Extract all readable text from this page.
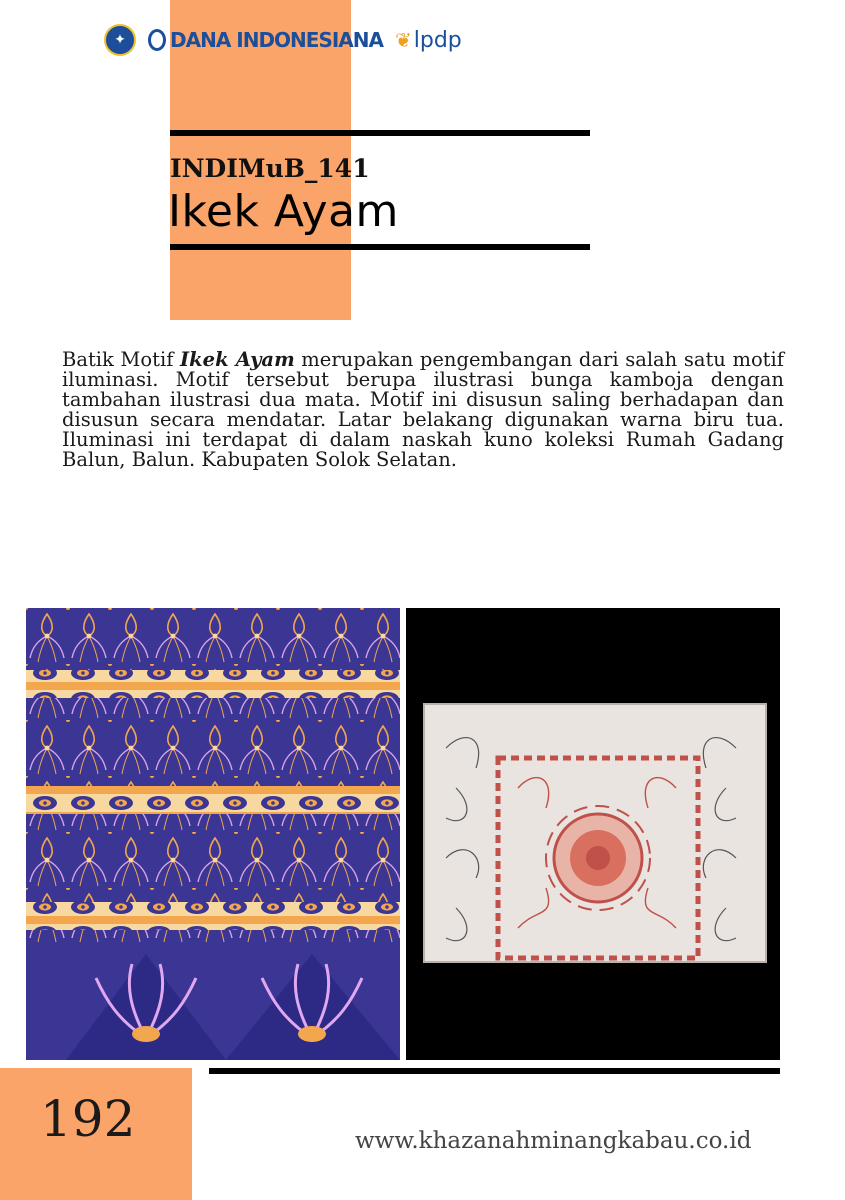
✦	DANA INDONESIANA ❦ lpdp
INDIMuB_141
Ikek Ayam

Batik Motif Ikek Ayam merupakan pengembangan dari salah satu motif iluminasi. Motif tersebut berupa ilustrasi bunga kamboja dengan tambahan ilustrasi dua mata. Motif ini disusun saling berhadapan dan disusun secara mendatar. Latar belakang digunakan warna biru tua. Iluminasi ini terdapat di dalam naskah kuno koleksi Rumah Gadang Balun, Balun. Kabupaten Solok Selatan.

192	www.khazanahminangkabau.co.id
